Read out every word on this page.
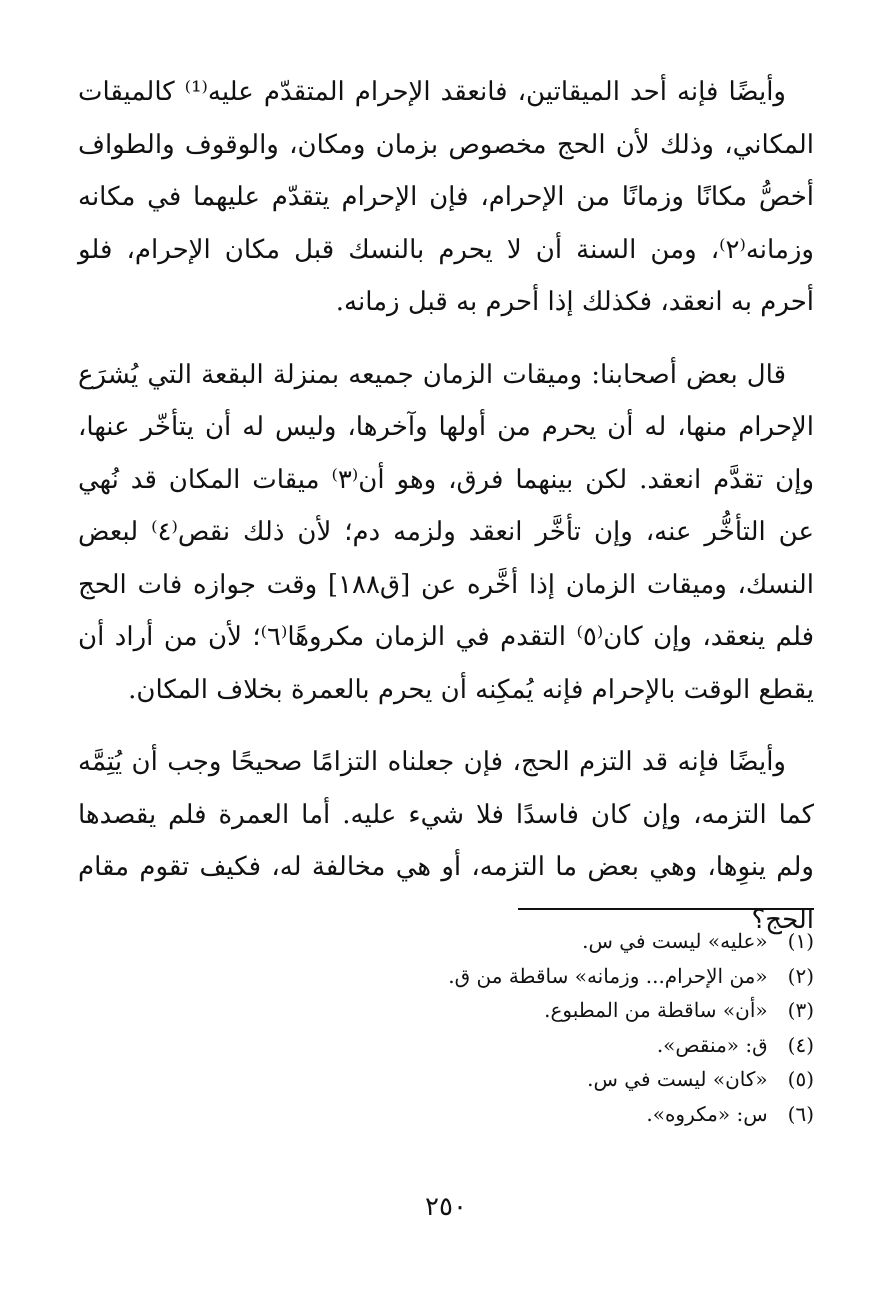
وأيضًا فإنه أحد الميقاتين، فانعقد الإحرام المتقدّم عليه⁽¹⁾ كالميقات المكاني، وذلك لأن الحج مخصوص بزمان ومكان، والوقوف والطواف أخصُّ مكانًا وزمانًا من الإحرام، فإن الإحرام يتقدّم عليهما في مكانه وزمانه⁽٢⁾، ومن السنة أن لا يحرم بالنسك قبل مكان الإحرام، فلو أحرم به انعقد، فكذلك إذا أحرم به قبل زمانه.

قال بعض أصحابنا: وميقات الزمان جميعه بمنزلة البقعة التي يُشرَع الإحرام منها، له أن يحرم من أولها وآخرها، وليس له أن يتأخّر عنها، وإن تقدَّم انعقد. لكن بينهما فرق، وهو أن⁽٣⁾ ميقات المكان قد نُهي عن التأخُّر عنه، وإن تأخَّر انعقد ولزمه دم؛ لأن ذلك نقص⁽٤⁾ لبعض النسك، وميقات الزمان إذا أخَّره عن [ق١٨٨] وقت جوازه فات الحج فلم ينعقد، وإن كان⁽٥⁾ التقدم في الزمان مكروهًا⁽٦⁾؛ لأن من أراد أن يقطع الوقت بالإحرام فإنه يُمكِنه أن يحرم بالعمرة بخلاف المكان.

وأيضًا فإنه قد التزم الحج، فإن جعلناه التزامًا صحيحًا وجب أن يُتِمَّه كما التزمه، وإن كان فاسدًا فلا شيء عليه. أما العمرة فلم يقصدها ولم ينوِها، وهي بعض ما التزمه، أو هي مخالفة له، فكيف تقوم مقام الحج؟

(١) «عليه» ليست في س.
(٢) «من الإحرام... وزمانه» ساقطة من ق.
(٣) «أن» ساقطة من المطبوع.
(٤) ق: «منقص».
(٥) «كان» ليست في س.
(٦) س: «مكروه».
٢٥٠
